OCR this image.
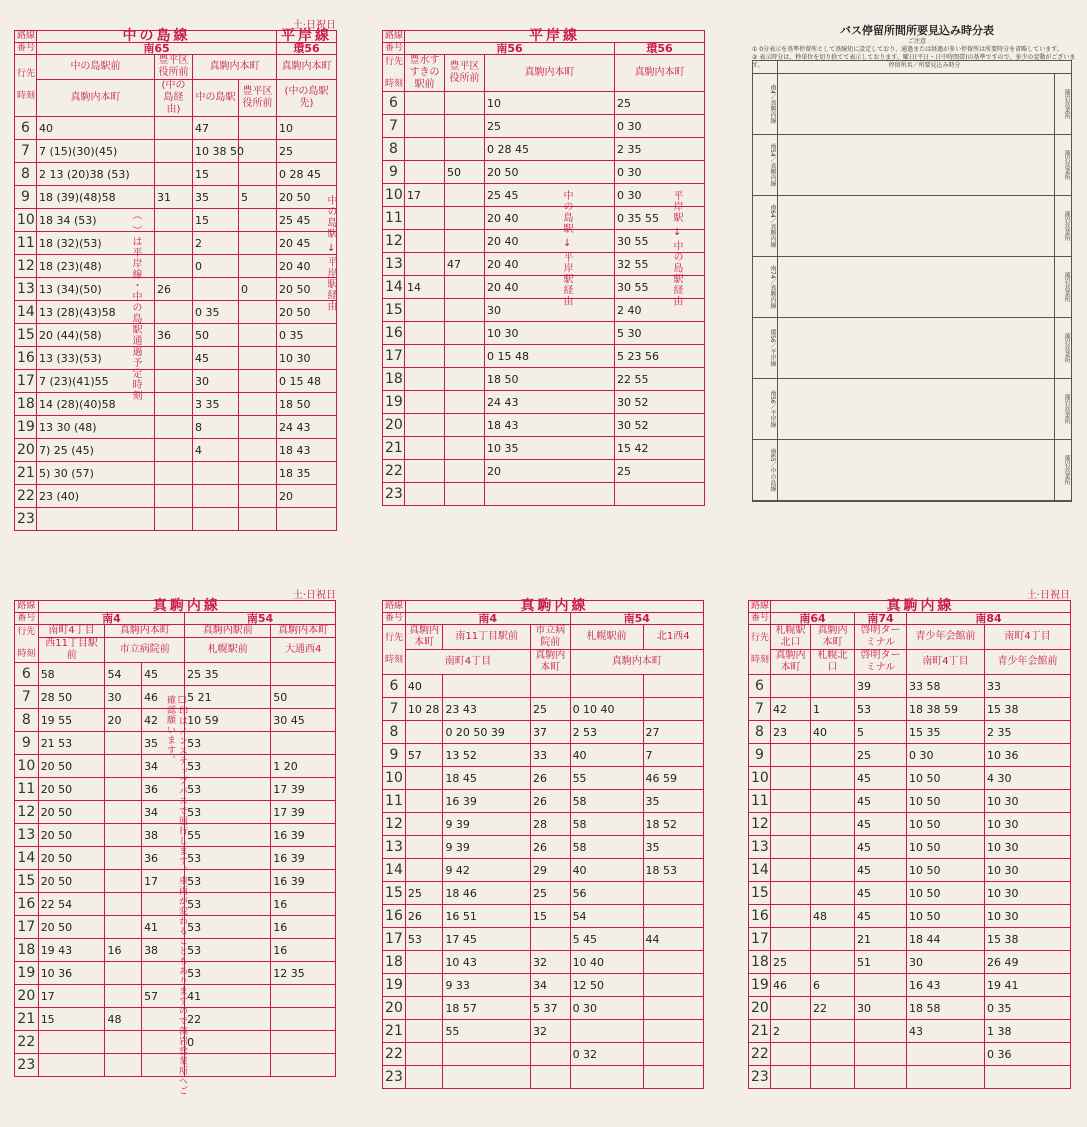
土·日祝日
路線	中の島線				平岸線
番号	南65				環56
行先

時刻	中の島駅前	豊平区役所前	真駒内本町		真駒内本町
	真駒内本町	(中の島経由)	中の島駅	豊平区役所前	(中の島駅先)
6	40		47		10
7	7 (15)(30)(45)		10 38 50		25
8	2 13 (20)38 (53)		15		0 28 45
9	18 (39)(48)58	31	35	5	20 50
10	18 34 (53)		15		25 45
11	18 (32)(53)		2		20 45
12	18 (23)(48)		0		20 40
13	13 (34)(50)	26		0	20 50
14	13 (28)(43)58		0 35		20 50
15	20 (44)(58)	36	50		0 35
16	13 (33)(53)		45		10 30
17	7 (23)(41)55		30		0 15 48
18	14 (28)(40)58		3 35		18 50
19	13 30 (48)		8		24 43
20	7) 25 (45)		4		18 43
21	5) 30 (57)				18 35
22	23 (40)				20
23					
（ ）は平岸線・中の島駅通過予定時刻	中の島駅 → 平岸駅経由
路線	平岸線			
番号	南56			環56
行先

時刻	豊水すすきの駅前	豊平区役所前	真駒内本町	真駒内本町
6			10	25
7			25	0 30
8			0 28 45	2 35
9		50	20 50	0 30
10	17		25 45	0 30
11			20 40	0 35 55
12			20 40	30 55
13		47	20 40	32 55
14	14		20 40	30 55
15			30	2 40
16			10 30	5 30
17			0 15 48	5 23 56
18			18 50	22 55
19			24 43	30 52
20			18 43	30 52
21			10 35	15 42
22			20	25
23				
中の島駅 → 平岸駅経由	平岸駅 → 中の島駅経由
バス停留所間所要見込み時分表
ご注意
① 0分表示を基準停留所として基線矩に設定しており、通過または経過が多い停留所は所要時分を省略しています。
② 表示時分は、秒単位を切り捨てて表示しております。曜日(平日・日中時間帯)の基準ですので、多少の変動がございます。	停留所名／所要見込み時分
南4／真駒内線	藻岩営業所
南54／真駒内線	藻岩営業所
南64／真駒内線	藻岩営業所
南74／真駒内線	藻岩営業所
環56／平岸線	藻岩営業所
南56／平岸線	藻岩営業所
南65／中の島線	藻岩営業所
土·日祝日
路線	真駒内線				
番号	南4			南54	
行先

時刻	南町4丁目	真駒内本町		真駒内駅前	真駒内本町
	西11丁目駅前	市立病院前		札幌駅前	大通西4
6	58	54	45	25 35	
7	28 50	30	46	5 21	50
8	19 55	20	42	10 59	30 45
9	21 53		35	53	
10	20 50		34	53	1 20
11	20 50		36	53	17 39
12	20 50		34	53	17 39
13	20 50		38	55	16 39
14	20 50		36	53	16 39
15	20 50		17	53	16 39
16	22 54			53	16
17	20 50		41	53	16
18	19 43	16	38	53	16
19	10 36			53	12 35
20	17		57	41	
21	15	48		22	
22				0	
23						□印はノンステップバスで運行します。車両が変わることもありますので藻岩営業所へご確認願います。
路線	真駒内線				
番号	南4			南54	
行先

時刻	真駒内本町	南11丁目駅前	市立病院前	札幌駅前	北1西4
	南町4丁目		真駒内本町	真駒内本町	
6	40				
7	10 28	23 43	25	0 10 40	
8		0 20 50 39	37	2 53	27
9	57	13 52	33	40	7
10		18 45	26	55	46 59
11		16 39	26	58	35
12		9 39	28	58	18 52
13		9 39	26	58	35
14		9 42	29	40	18 53
15	25	18 46	25	56	
16	26	16 51	15	54	
17	53	17 45		5 45	44
18		10 43	32	10 40	
19		9 33	34	12 50	
20		18 57	5 37	0 30	
21		55	32		
22				0 32	
23					
土·日祝日
路線	真駒内線				
番号	南64		南74	南84	
行先

時刻	札幌駅北口	真駒内本町	啓明ターミナル	青少年会館前	南町4丁目
	真駒内本町	札幌北口	啓明ターミナル	南町4丁目	青少年会館前
6			39	33 58	33
7	42	1	53	18 38 59	15 38
8	23	40	5	15 35	2 35
9			25	0 30	10 36
10			45	10 50	4 30
11			45	10 50	10 30
12			45	10 50	10 30
13			45	10 50	10 30
14			45	10 50	10 30
15			45	10 50	10 30
16		48	45	10 50	10 30
17			21	18 44	15 38
18	25		51	30	26 49
19	46	6		16 43	19 41
20		22	30	18 58	0 35
21	2			43	1 38
22					0 36
23					
